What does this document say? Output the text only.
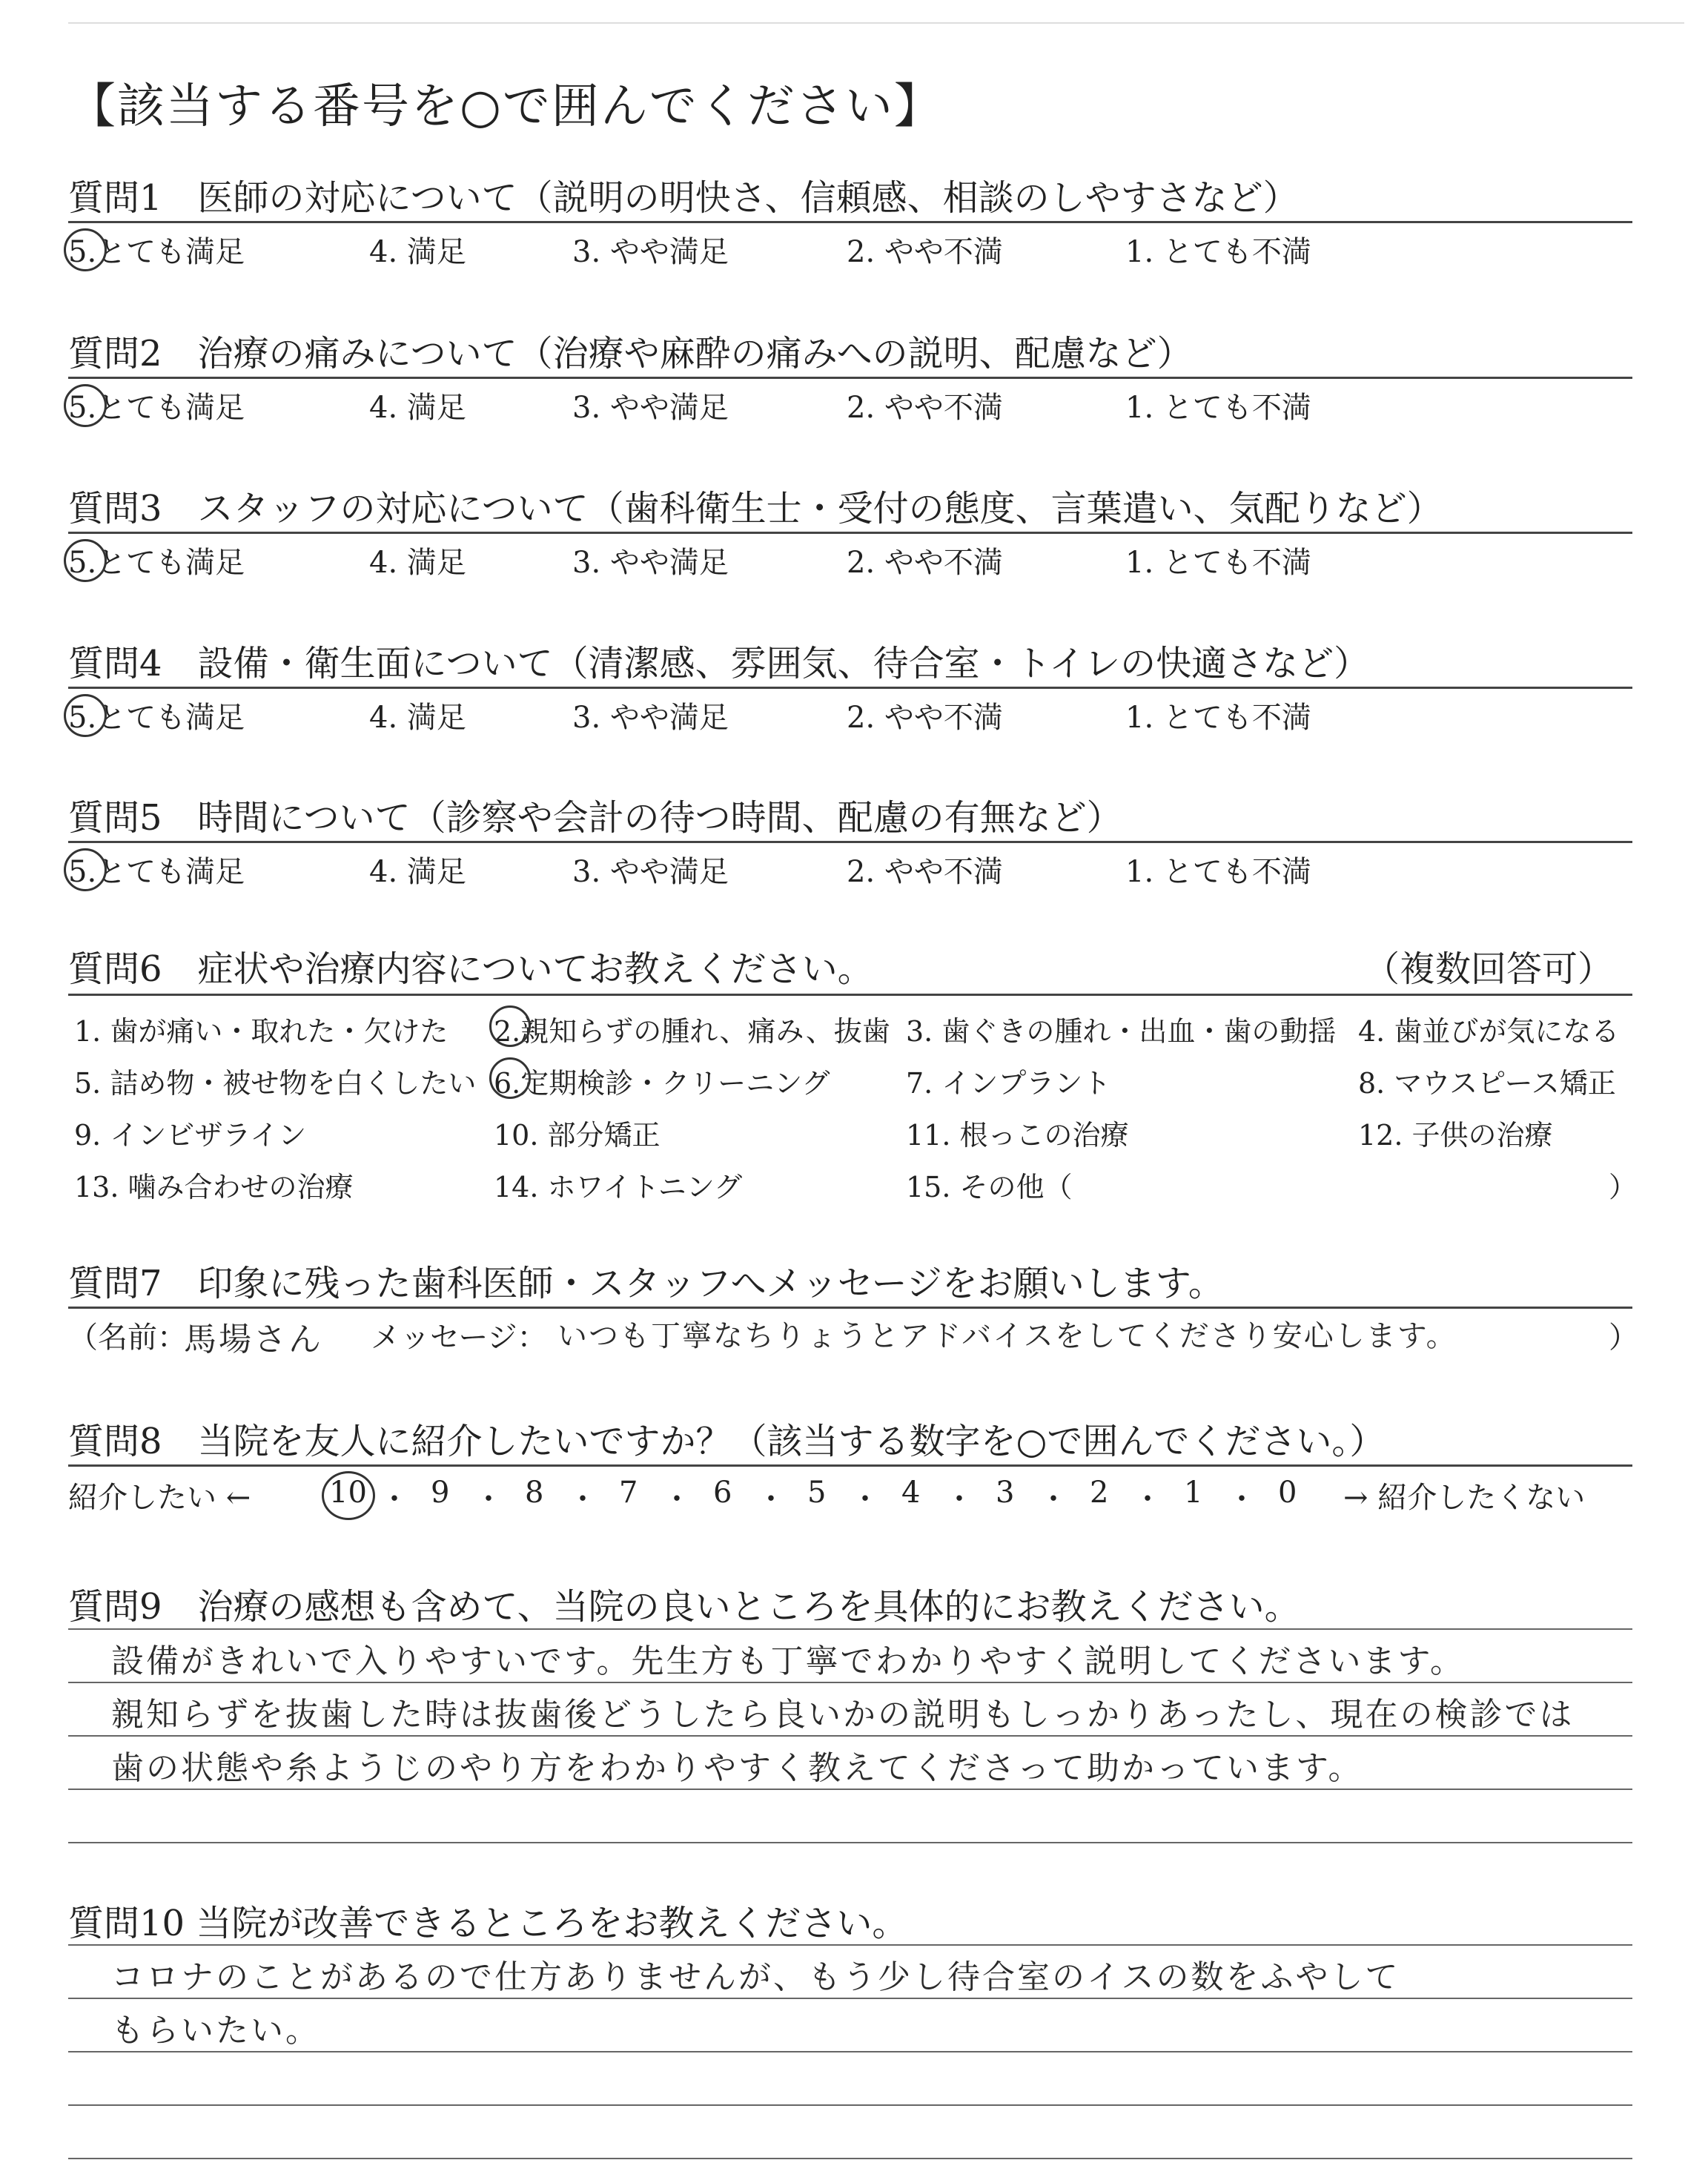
【該当する番号を○で囲んでください】
質問1　医師の対応について（説明の明快さ、信頼感、相談のしやすさなど）
5.とても満足	4. 満足	3. やや満足	2. やや不満	1. とても不満
質問2　治療の痛みについて（治療や麻酔の痛みへの説明、配慮など）
5.とても満足	4. 満足	3. やや満足	2. やや不満	1. とても不満
質問3　スタッフの対応について（歯科衛生士・受付の態度、言葉遣い、気配りなど）
5.とても満足	4. 満足	3. やや満足	2. やや不満	1. とても不満
質問4　設備・衛生面について（清潔感、雰囲気、待合室・トイレの快適さなど）
5.とても満足	4. 満足	3. やや満足	2. やや不満	1. とても不満
質問5　時間について（診察や会計の待つ時間、配慮の有無など）
5.とても満足	4. 満足	3. やや満足	2. やや不満	1. とても不満
質問6　症状や治療内容についてお教えください。	（複数回答可）
1. 歯が痛い・取れた・欠けた 2.親知らずの腫れ、痛み、抜歯 3. 歯ぐきの腫れ・出血・歯の動揺 4. 歯並びが気になる
5. 詰め物・被せ物を白くしたい 6.定期検診・クリーニング	7. インプラント	8. マウスピース矯正
9. インビザライン	10. 部分矯正	11. 根っこの治療	12. 子供の治療
13. 噛み合わせの治療	14. ホワイトニング	15. その他（	）
質問7　印象に残った歯科医師・スタッフへメッセージをお願いします。
（名前：
馬場さん メッセージ： いつも丁寧なちりょうとアドバイスをしてくださり安心します。	）
質問8　当院を友人に紹介したいですか？（該当する数字を○で囲んでください。）
紹介したい ←	10 ・ 9 ・ 8 ・ 7 ・ 6 ・ 5 ・ 4 ・ 3 ・ 2 ・ 1 ・ 0 → 紹介したくない
質問9　治療の感想も含めて、当院の良いところを具体的にお教えください。
設備がきれいで入りやすいです。先生方も丁寧でわかりやすく説明してくださいます。
親知らずを抜歯した時は抜歯後どうしたら良いかの説明もしっかりあったし、現在の検診では
歯の状態や糸ようじのやり方をわかりやすく教えてくださって助かっています。
質問10 当院が改善できるところをお教えください。
コロナのことがあるので仕方ありませんが、もう少し待合室のイスの数をふやして
もらいたい。
